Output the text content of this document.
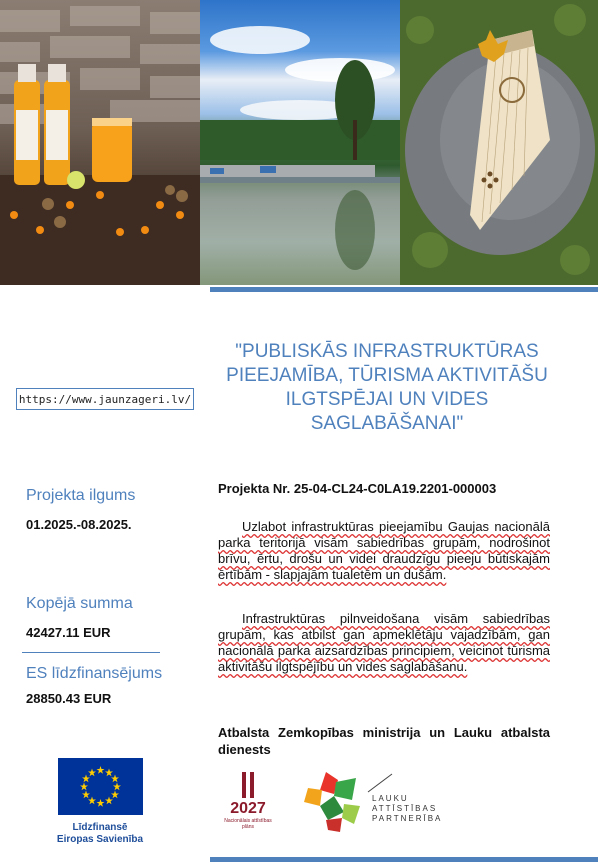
"PUBLISKĀS INFRASTRUKTŪRAS PIEEJAMĪBA, TŪRISMA AKTIVITĀŠU ILGTSPĒJAI UN VIDES SAGLABĀŠANAI"
https://www.jaunzageri.lv/
Projekta ilgums
01.2025.-08.2025.
Kopējā summa
42427.11 EUR
ES līdzfinansējums
28850.43 EUR
Projekta Nr. 25-04-CL24-C0LA19.2201-000003

Uzlabot infrastruktūras pieejamību Gaujas nacionālā parka teritorijā visām sabiedrības grupām, nodrošinot brīvu, ērtu, drošu un videi draudzīgu pieeju būtiskajām ērtībām - slapjajām tualetēm un dušām.

Infrastruktūras pilnveidošana visām sabiedrības grupām, kas atbilst gan apmeklētāju vajadzībām, gan nacionālā parka aizsardzības principiem, veicinot tūrisma aktivitāšu ilgtspējību un vides saglabāšanu.

Atbalsta Zemkopības ministrija un Lauku atbalsta dienests
Līdzfinansē
Eiropas Savienība
2027
Nacionālais attīstības plāns
LAUKU
ATTĪSTĪBAS
PARTNERĪBA
